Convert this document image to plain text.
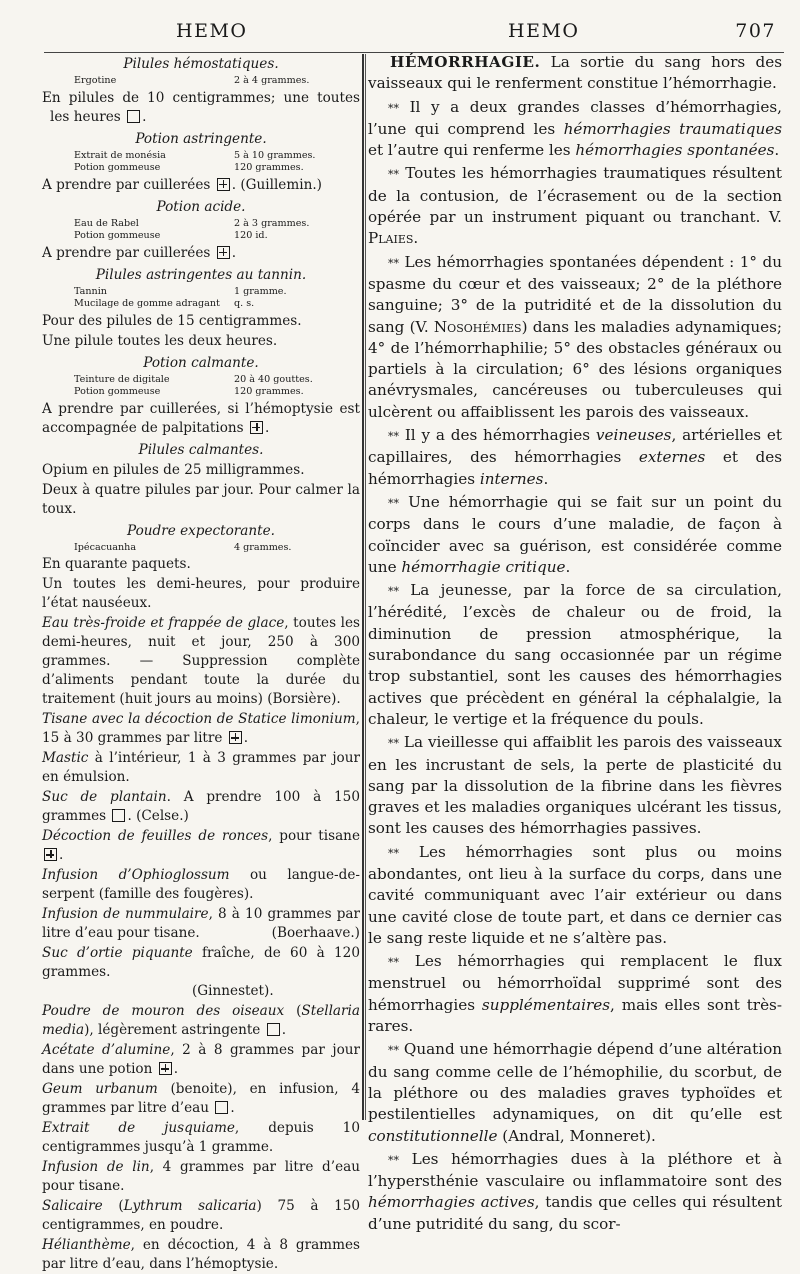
HEMO	HEMO	707
Pilules hémostatiques.
Ergotine	2 à 4 grammes.
En pilules de 10 centigrammes; une toutes les heures .
Potion astringente.
Extrait de monésia	5 à 10 grammes.
Potion gommeuse	120 grammes.
A prendre par cuillerées . (Guillemin.)
Potion acide.
Eau de Rabel	2 à 3 grammes.
Potion gommeuse	120 id.
A prendre par cuillerées .
Pilules astringentes au tannin.
Tannin	1 gramme.
Mucilage de gomme adragant	q. s.
Pour des pilules de 15 centigrammes.
Une pilule toutes les deux heures.
Potion calmante.
Teinture de digitale	20 à 40 gouttes.
Potion gommeuse	120 grammes.
A prendre par cuillerées, si l’hémoptysie est accompagnée de palpitations .
Pilules calmantes.
Opium en pilules de 25 milligrammes.
Deux à quatre pilules par jour. Pour calmer la toux.
Poudre expectorante.
Ipécacuanha	4 grammes.
En quarante paquets.
Un toutes les demi-heures, pour produire l’état nauséeux.
Eau très-froide et frappée de glace, toutes les demi-heures, nuit et jour, 250 à 300 grammes. — Suppression complète d’aliments pendant toute la durée du traitement (huit jours au moins) (Borsière).
Tisane avec la décoction de Statice limonium, 15 à 30 grammes par litre .
Mastic à l’intérieur, 1 à 3 grammes par jour en émulsion.
Suc de plantain. A prendre 100 à 150 grammes . (Celse.)
Décoction de feuilles de ronces, pour tisane .
Infusion d’Ophioglossum ou langue-de-serpent (famille des fougères).
Infusion de nummulaire, 8 à 10 grammes par litre d’eau pour tisane.	(Boerhaave.)
Suc d’ortie piquante fraîche, de 60 à 120 grammes.
(Ginnestet).
Poudre de mouron des oiseaux (Stellaria media), légèrement astringente .
Acétate d’alumine, 2 à 8 grammes par jour dans une potion .
Geum urbanum (benoite), en infusion, 4 grammes par litre d’eau .
Extrait de jusquiame, depuis 10 centigrammes jusqu’à 1 gramme.
Infusion de lin, 4 grammes par litre d’eau pour tisane.
Salicaire (Lythrum salicaria) 75 à 150 centigrammes, en poudre.
Hélianthème, en décoction, 4 à 8 grammes par litre d’eau, dans l’hémoptysie.

HÉMORRHAGIE. La sortie du sang hors des vaisseaux qui le renferment constitue l’hémorrhagie.

** Il y a deux grandes classes d’hémorrhagies, l’une qui comprend les hémorrhagies traumatiques et l’autre qui renferme les hémorrhagies spontanées.

** Toutes les hémorrhagies traumatiques résultent de la contusion, de l’écrasement ou de la section opérée par un instrument piquant ou tranchant. V. Plaies.

** Les hémorrhagies spontanées dépendent : 1° du spasme du cœur et des vaisseaux; 2° de la pléthore sanguine; 3° de la putridité et de la dissolution du sang (V. Nosohémies) dans les maladies adynamiques; 4° de l’hémorrhaphilie; 5° des obstacles généraux ou partiels à la circulation; 6° des lésions organiques anévrysmales, cancéreuses ou tuberculeuses qui ulcèrent ou affaiblissent les parois des vaisseaux.

** Il y a des hémorrhagies veineuses, artérielles et capillaires, des hémorrhagies externes et des hémorrhagies internes.

** Une hémorrhagie qui se fait sur un point du corps dans le cours d’une maladie, de façon à coïncider avec sa guérison, est considérée comme une hémorrhagie critique.

** La jeunesse, par la force de sa circulation, l’hérédité, l’excès de chaleur ou de froid, la diminution de pression atmosphérique, la surabondance du sang occasionnée par un régime trop substantiel, sont les causes des hémorrhagies actives que précèdent en général la céphalalgie, la chaleur, le vertige et la fréquence du pouls.

** La vieillesse qui affaiblit les parois des vaisseaux en les incrustant de sels, la perte de plasticité du sang par la dissolution de la fibrine dans les fièvres graves et les maladies organiques ulcérant les tissus, sont les causes des hémorrhagies passives.

** Les hémorrhagies sont plus ou moins abondantes, ont lieu à la surface du corps, dans une cavité communiquant avec l’air extérieur ou dans une cavité close de toute part, et dans ce dernier cas le sang reste liquide et ne s’altère pas.

** Les hémorrhagies qui remplacent le flux menstruel ou hémorrhoïdal supprimé sont des hémorrhagies supplémentaires, mais elles sont très-rares.

** Quand une hémorrhagie dépend d’une altération du sang comme celle de l’hémophilie, du scorbut, de la pléthore ou des maladies graves typhoïdes et pestilentielles adynamiques, on dit qu’elle est constitutionnelle (Andral, Monneret).

** Les hémorrhagies dues à la pléthore et à l’hypersthénie vasculaire ou inflammatoire sont des hémorrhagies actives, tandis que celles qui résultent d’une putridité du sang, du scor-
